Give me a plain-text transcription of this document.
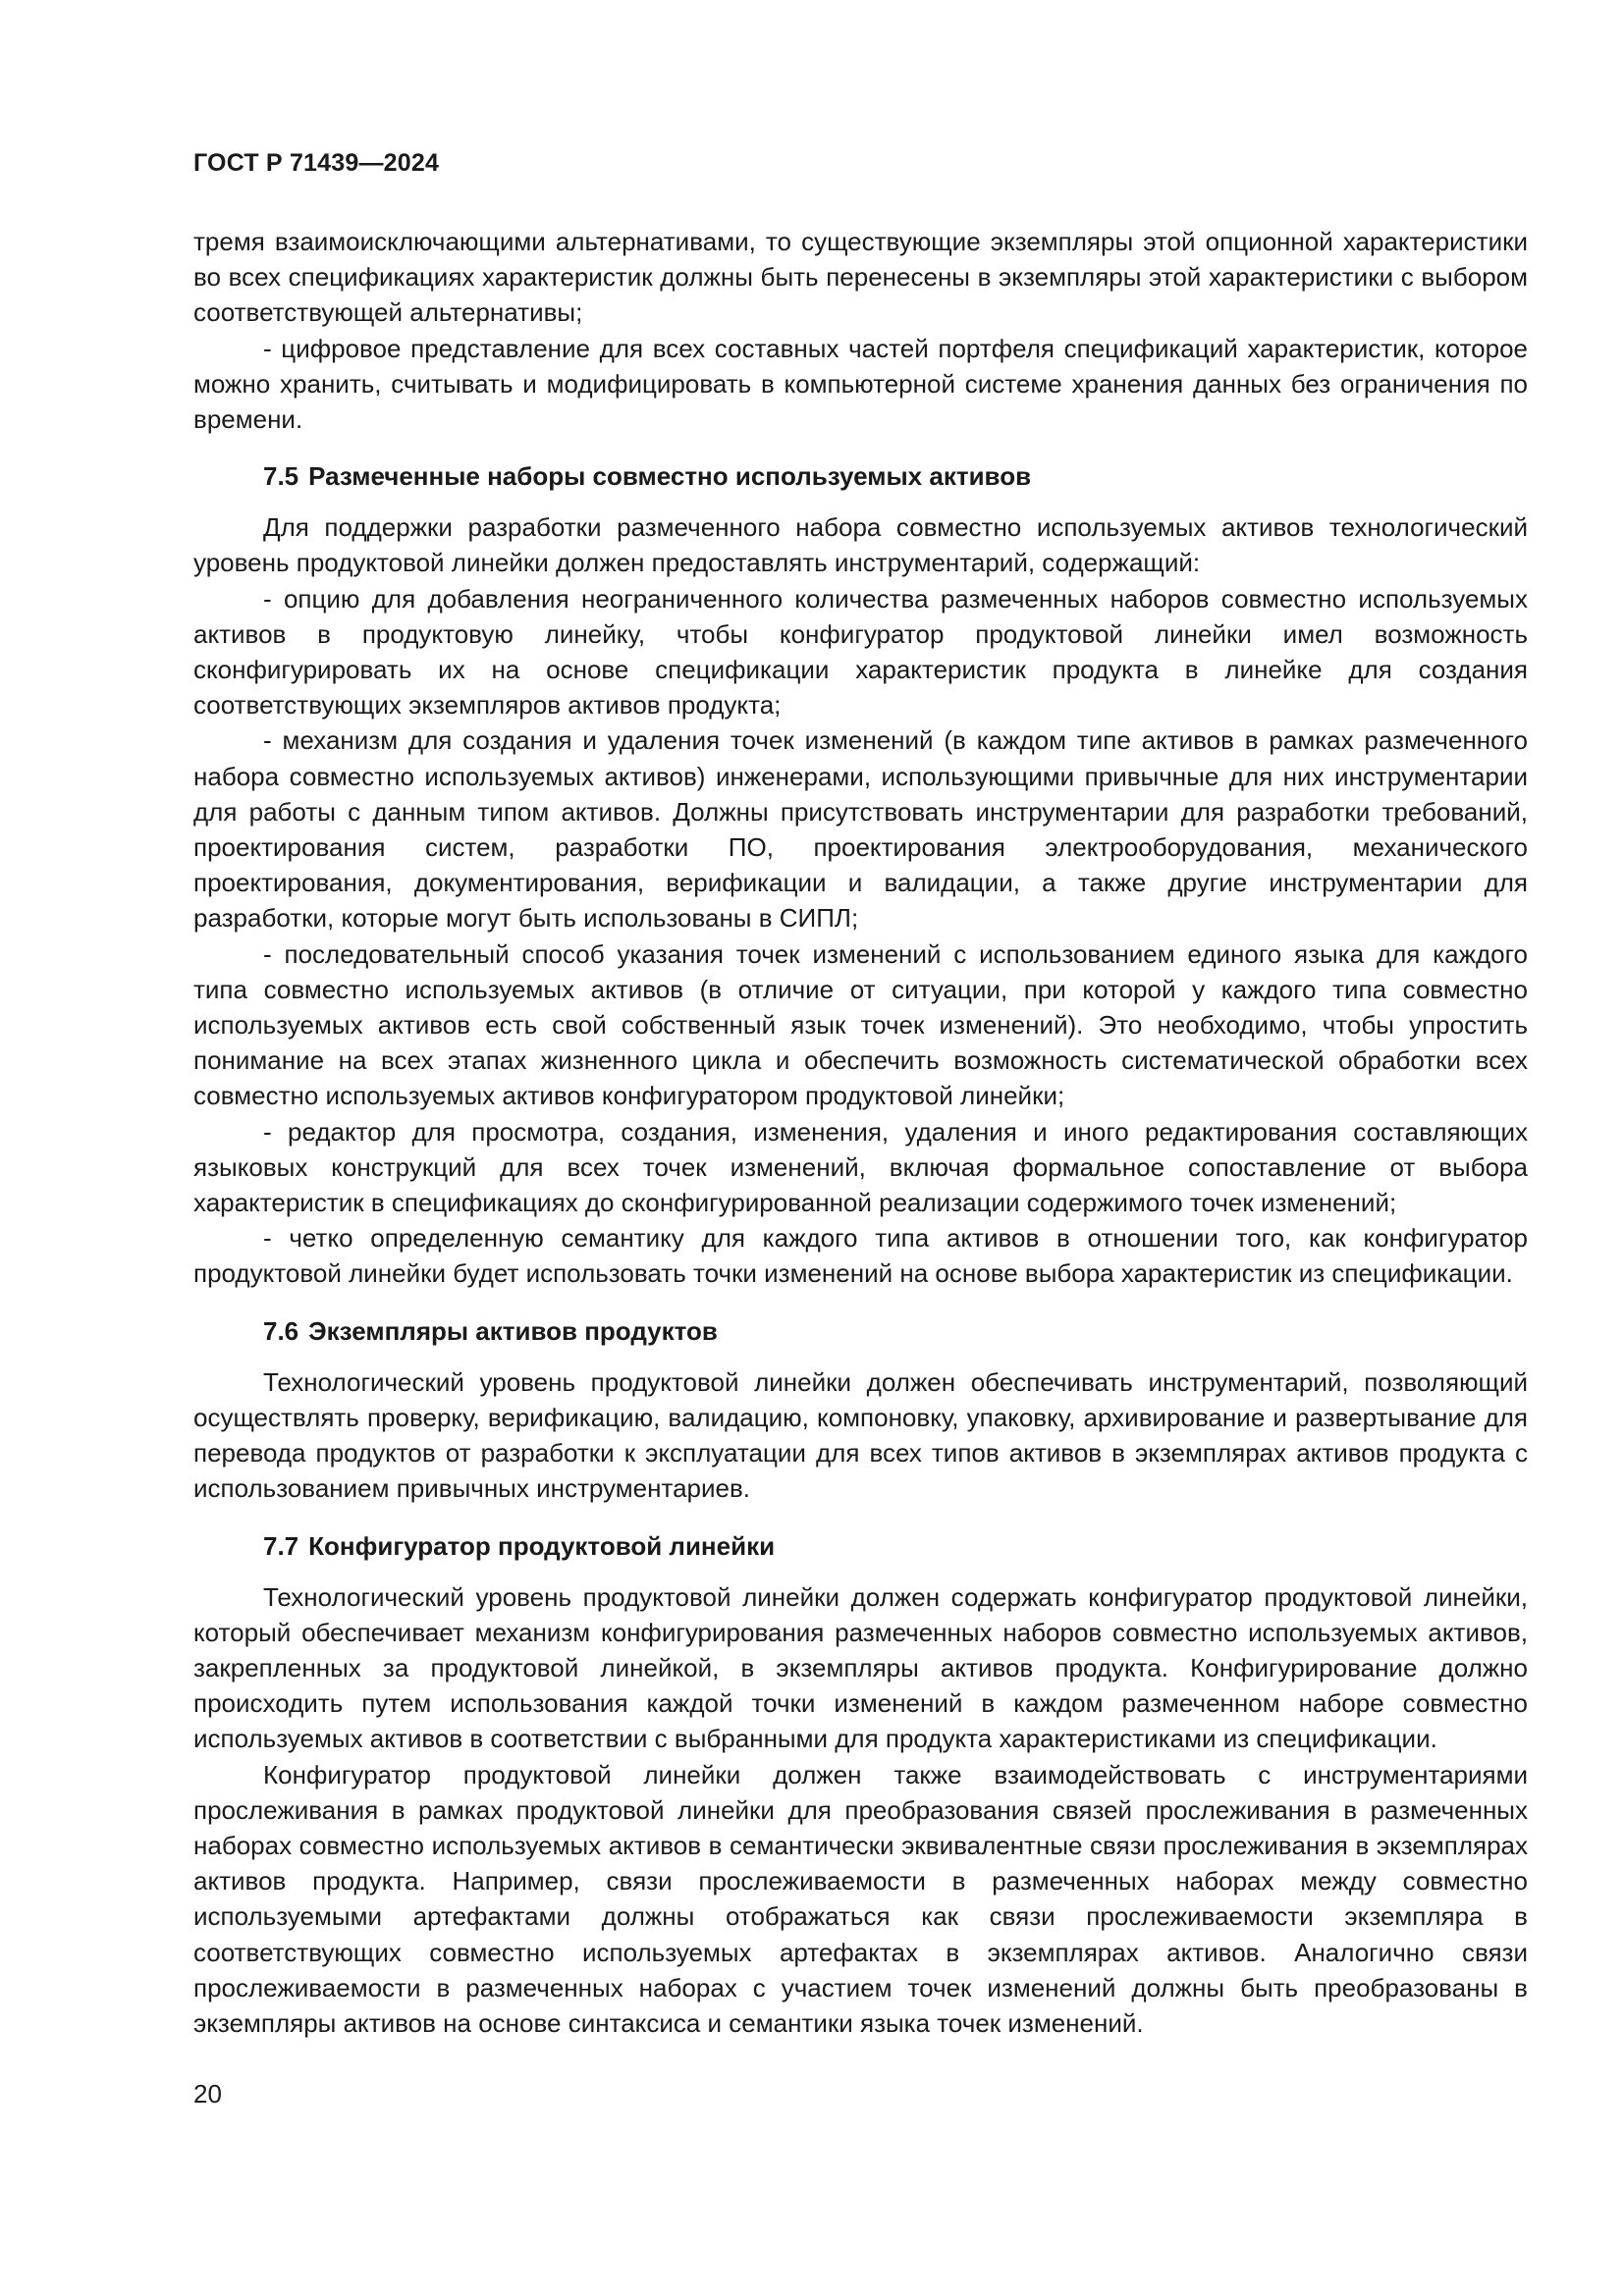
ГОСТ Р 71439—2024

тремя взаимоисключающими альтернативами, то существующие экземпляры этой опционной характеристики во всех спецификациях характеристик должны быть перенесены в экземпляры этой характеристики с выбором соответствующей альтернативы;

- цифровое представление для всех составных частей портфеля спецификаций характеристик, которое можно хранить, считывать и модифицировать в компьютерной системе хранения данных без ограничения по времени.

7.5 Размеченные наборы совместно используемых активов

Для поддержки разработки размеченного набора совместно используемых активов технологический уровень продуктовой линейки должен предоставлять инструментарий, содержащий:

- опцию для добавления неограниченного количества размеченных наборов совместно используемых активов в продуктовую линейку, чтобы конфигуратор продуктовой линейки имел возможность сконфигурировать их на основе спецификации характеристик продукта в линейке для создания соответствующих экземпляров активов продукта;

- механизм для создания и удаления точек изменений (в каждом типе активов в рамках размеченного набора совместно используемых активов) инженерами, использующими привычные для них инструментарии для работы с данным типом активов. Должны присутствовать инструментарии для разработки требований, проектирования систем, разработки ПО, проектирования электрооборудования, механического проектирования, документирования, верификации и валидации, а также другие инструментарии для разработки, которые могут быть использованы в СИПЛ;

- последовательный способ указания точек изменений с использованием единого языка для каждого типа совместно используемых активов (в отличие от ситуации, при которой у каждого типа совместно используемых активов есть свой собственный язык точек изменений). Это необходимо, чтобы упростить понимание на всех этапах жизненного цикла и обеспечить возможность систематической обработки всех совместно используемых активов конфигуратором продуктовой линейки;

- редактор для просмотра, создания, изменения, удаления и иного редактирования составляющих языковых конструкций для всех точек изменений, включая формальное сопоставление от выбора характеристик в спецификациях до сконфигурированной реализации содержимого точек изменений;

- четко определенную семантику для каждого типа активов в отношении того, как конфигуратор продуктовой линейки будет использовать точки изменений на основе выбора характеристик из спецификации.

7.6 Экземпляры активов продуктов

Технологический уровень продуктовой линейки должен обеспечивать инструментарий, позволяющий осуществлять проверку, верификацию, валидацию, компоновку, упаковку, архивирование и развертывание для перевода продуктов от разработки к эксплуатации для всех типов активов в экземплярах активов продукта с использованием привычных инструментариев.

7.7 Конфигуратор продуктовой линейки

Технологический уровень продуктовой линейки должен содержать конфигуратор продуктовой линейки, который обеспечивает механизм конфигурирования размеченных наборов совместно используемых активов, закрепленных за продуктовой линейкой, в экземпляры активов продукта. Конфигурирование должно происходить путем использования каждой точки изменений в каждом размеченном наборе совместно используемых активов в соответствии с выбранными для продукта характеристиками из спецификации.

Конфигуратор продуктовой линейки должен также взаимодействовать с инструментариями прослеживания в рамках продуктовой линейки для преобразования связей прослеживания в размеченных наборах совместно используемых активов в семантически эквивалентные связи прослеживания в экземплярах активов продукта. Например, связи прослеживаемости в размеченных наборах между совместно используемыми артефактами должны отображаться как связи прослеживаемости экземпляра в соответствующих совместно используемых артефактах в экземплярах активов. Аналогично связи прослеживаемости в размеченных наборах с участием точек изменений должны быть преобразованы в экземпляры активов на основе синтаксиса и семантики языка точек изменений.

20
